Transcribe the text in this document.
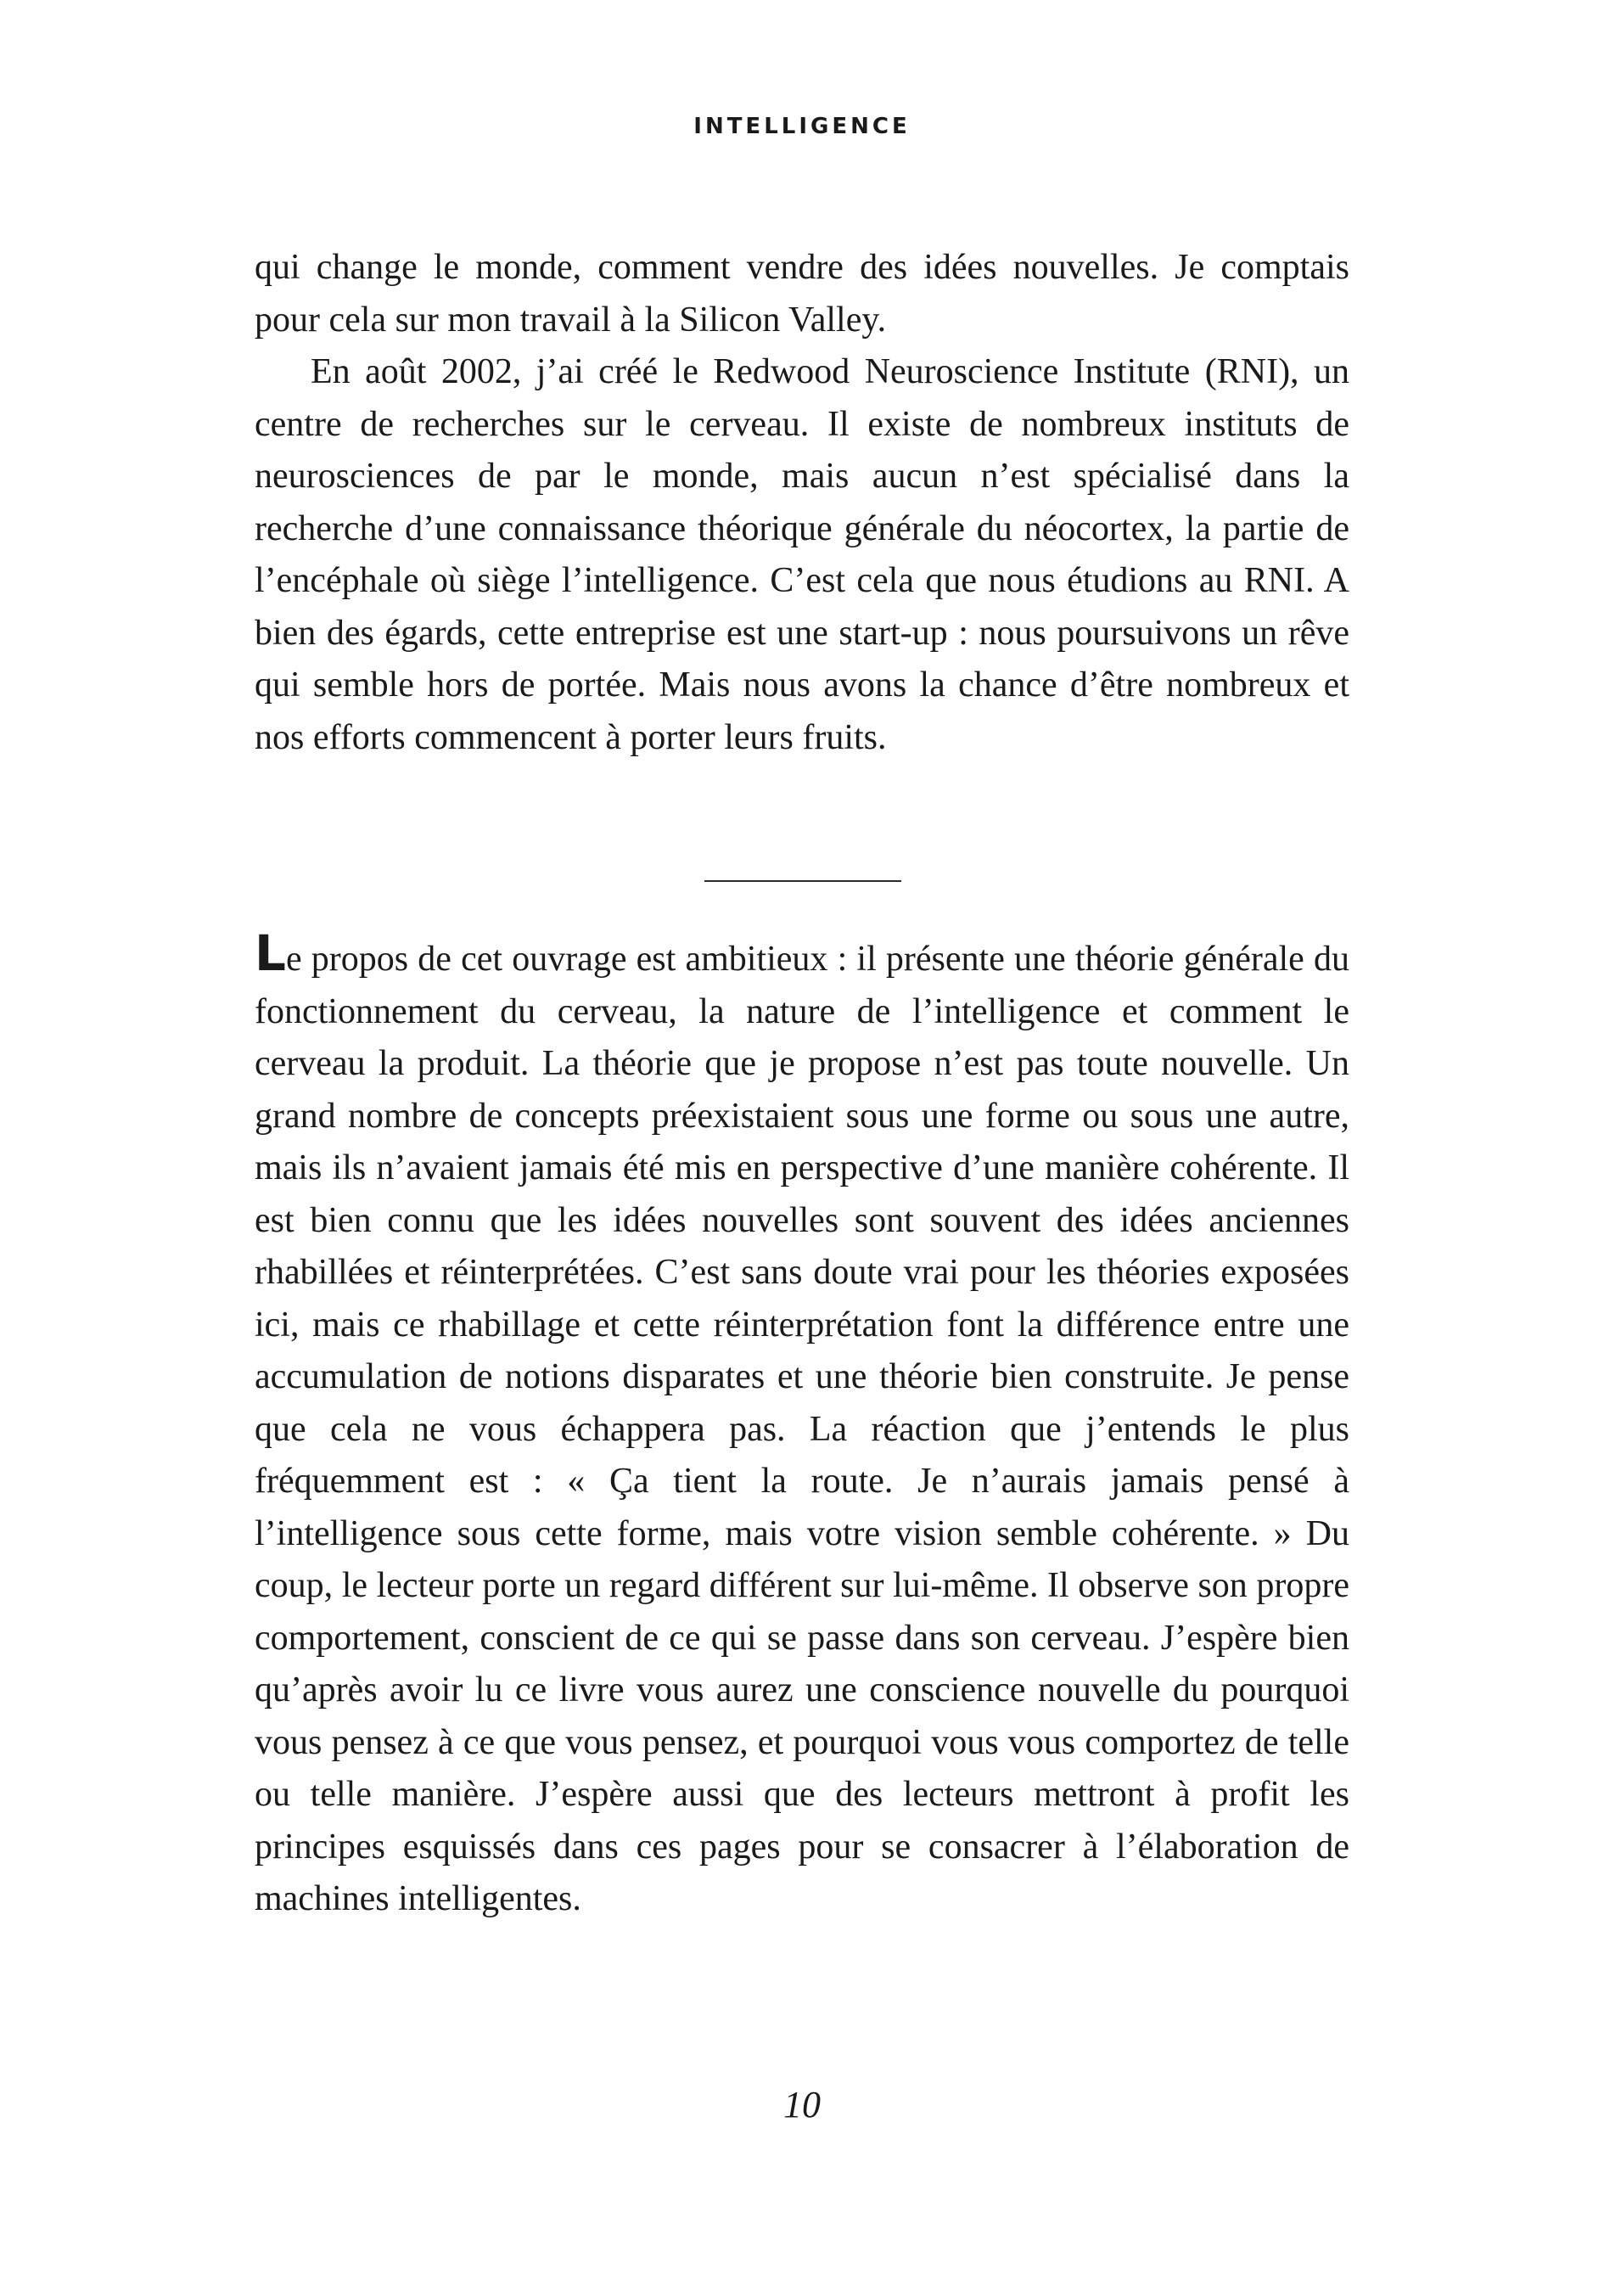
INTELLIGENCE

qui change le monde, comment vendre des idées nouvelles. Je comptais pour cela sur mon travail à la Silicon Valley.

En août 2002, j’ai créé le Redwood Neuroscience Institute (RNI), un centre de recherches sur le cerveau. Il existe de nombreux instituts de neurosciences de par le monde, mais aucun n’est spécialisé dans la recherche d’une connaissance théorique générale du néocortex, la partie de l’encéphale où siège l’intelligence. C’est cela que nous étudions au RNI. A bien des égards, cette entreprise est une start-up : nous poursuivons un rêve qui semble hors de portée. Mais nous avons la chance d’être nombreux et nos efforts commencent à porter leurs fruits.

Le propos de cet ouvrage est ambitieux : il présente une théorie générale du fonctionnement du cerveau, la nature de l’intelligence et comment le cerveau la produit. La théorie que je propose n’est pas toute nouvelle. Un grand nombre de concepts préexistaient sous une forme ou sous une autre, mais ils n’avaient jamais été mis en perspective d’une manière cohérente. Il est bien connu que les idées nouvelles sont souvent des idées anciennes rhabillées et réinterprétées. C’est sans doute vrai pour les théories exposées ici, mais ce rhabillage et cette réinterprétation font la différence entre une accumulation de notions disparates et une théorie bien construite. Je pense que cela ne vous échappera pas. La réaction que j’entends le plus fréquemment est : « Ça tient la route. Je n’aurais jamais pensé à l’intelligence sous cette forme, mais votre vision semble cohérente. » Du coup, le lecteur porte un regard différent sur lui-même. Il observe son propre comportement, conscient de ce qui se passe dans son cerveau. J’espère bien qu’après avoir lu ce livre vous aurez une conscience nouvelle du pourquoi vous pensez à ce que vous pensez, et pourquoi vous vous comportez de telle ou telle manière. J’espère aussi que des lecteurs mettront à profit les principes esquissés dans ces pages pour se consacrer à l’élaboration de machines intelligentes.

10
